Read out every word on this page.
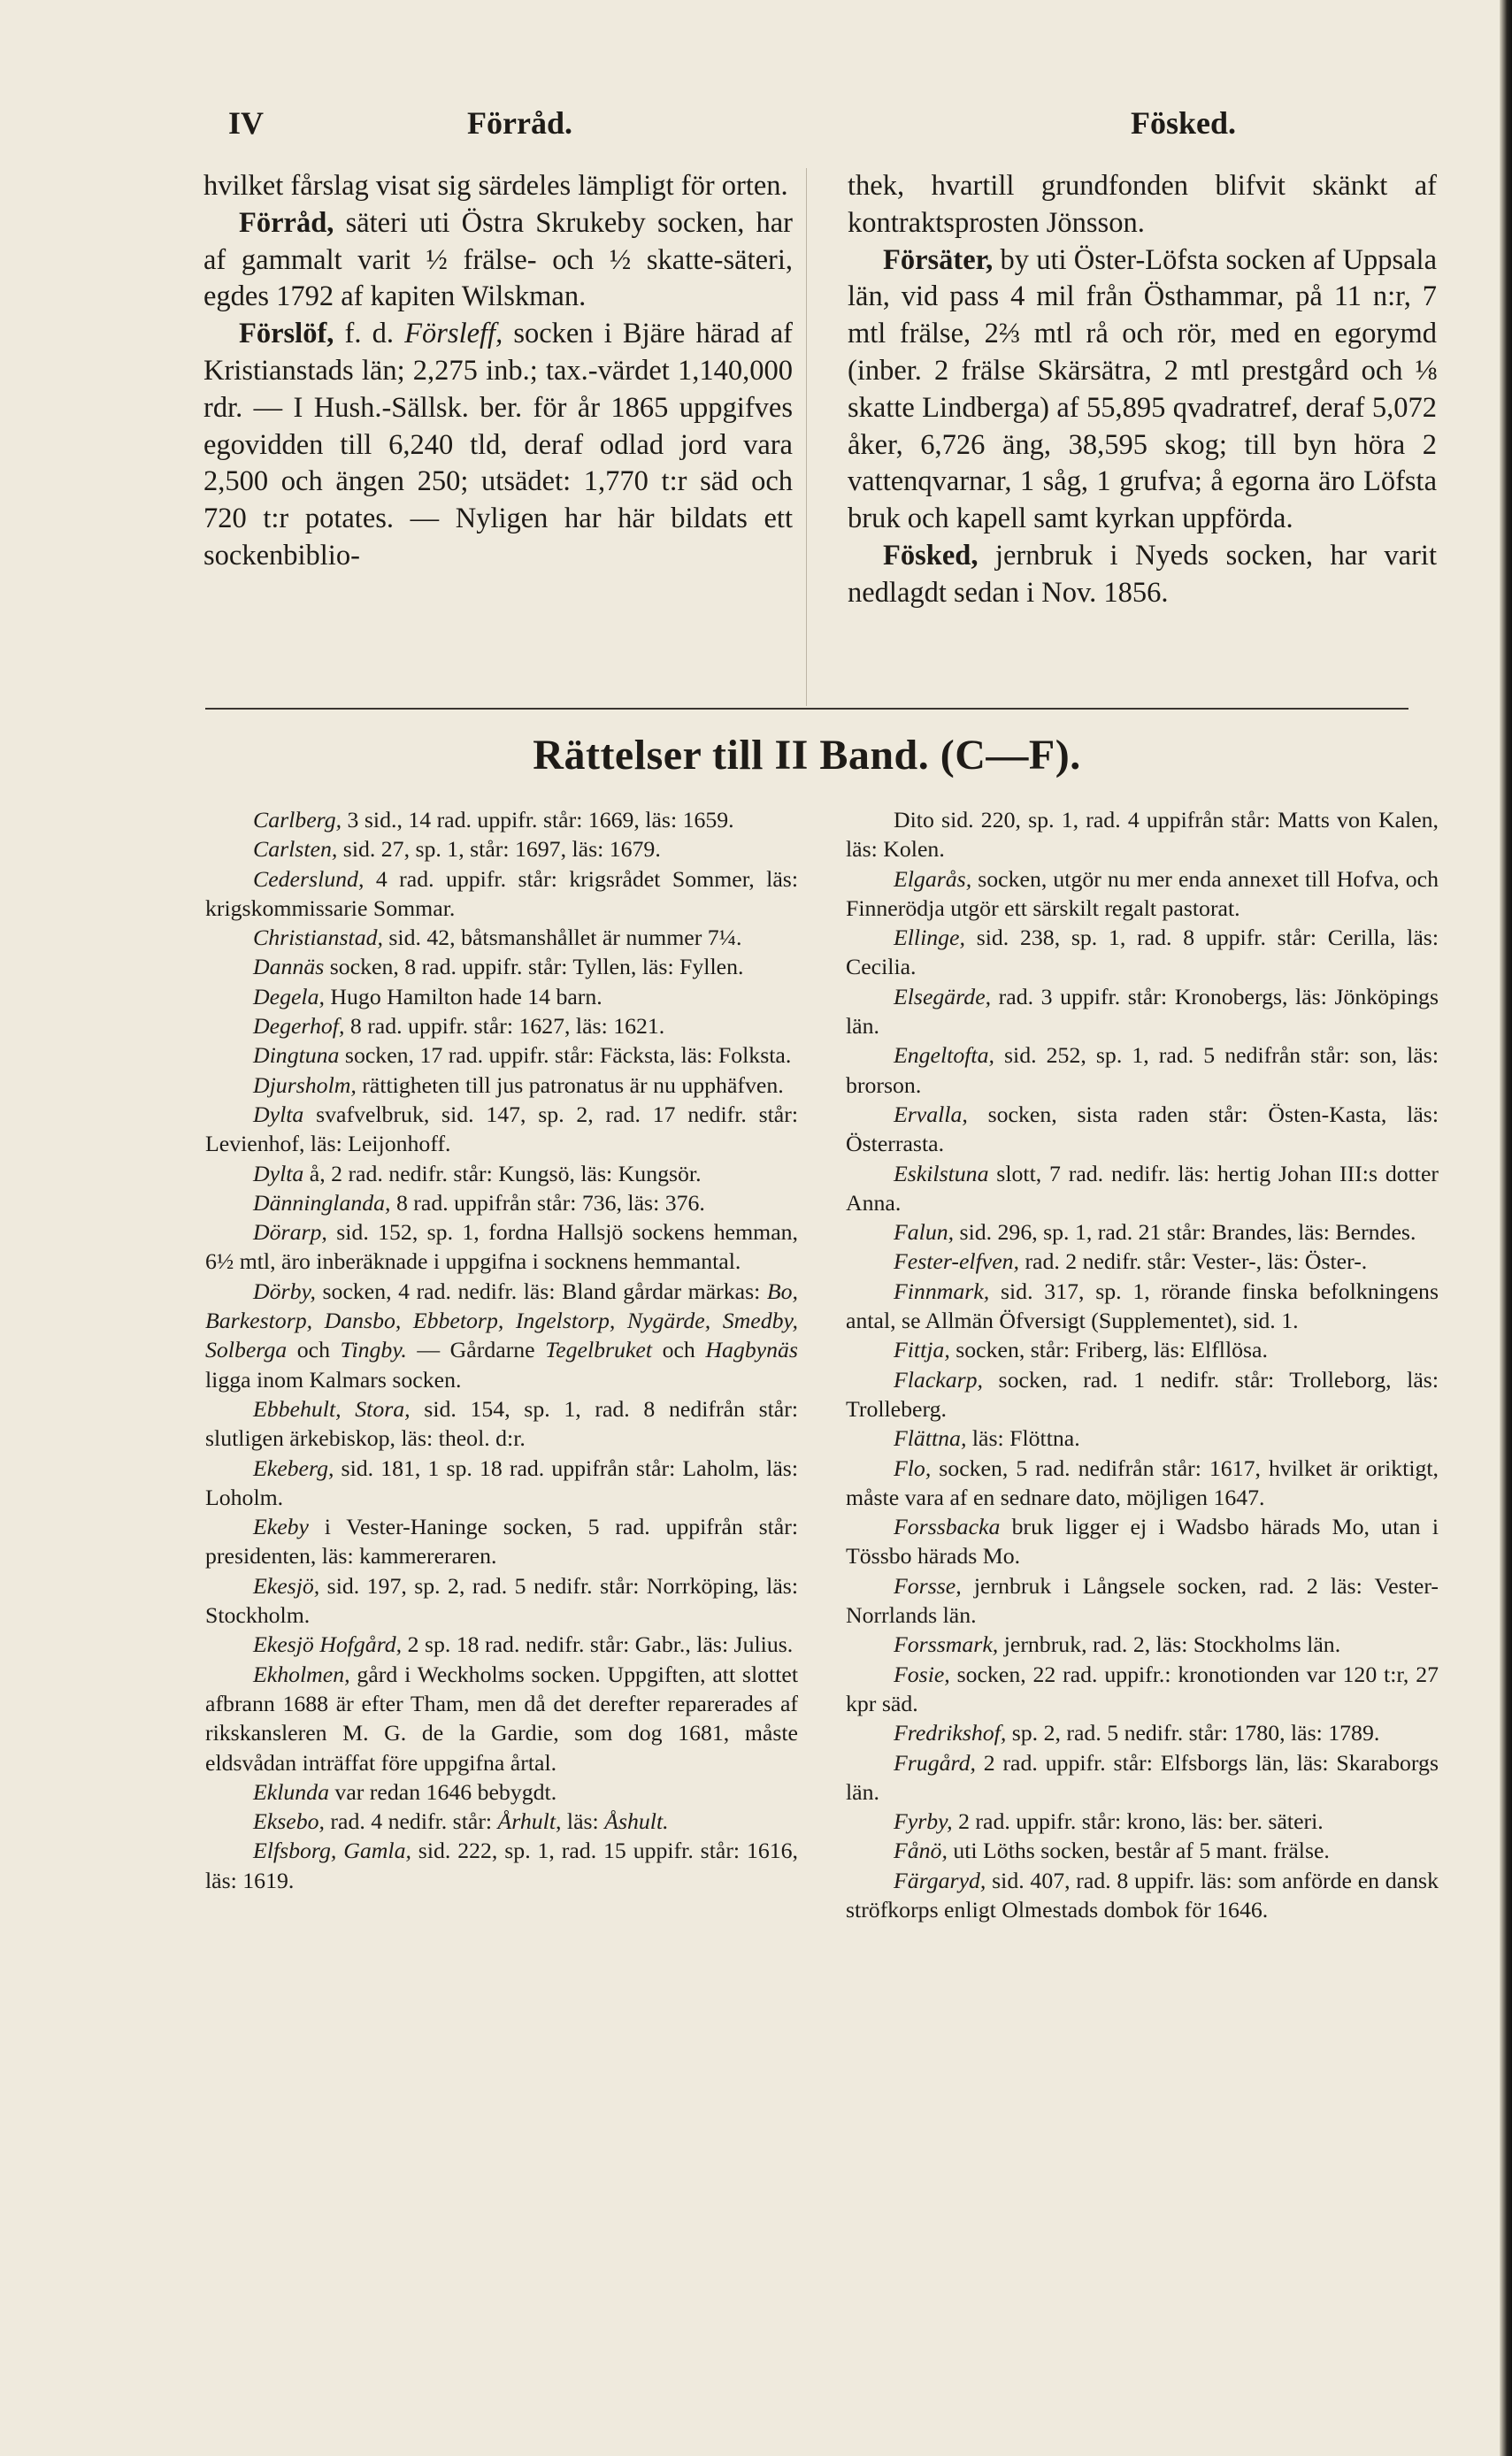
IV	Förråd.	Fösked.

hvilket fårslag visat sig särdeles lämpligt för orten.

Förråd, säteri uti Östra Skrukeby socken, har af gammalt varit ½ frälse- och ½ skatte-säteri, egdes 1792 af kapiten Wilskman.

Förslöf, f. d. Försleff, socken i Bjäre härad af Kristianstads län; 2,275 inb.; tax.-värdet 1,140,000 rdr. — I Hush.-Sällsk. ber. för år 1865 uppgifves egovidden till 6,240 tld, deraf odlad jord vara 2,500 och ängen 250; utsädet: 1,770 t:r säd och 720 t:r potates. — Nyligen har här bildats ett sockenbiblio-

thek, hvartill grundfonden blifvit skänkt af kontraktsprosten Jönsson.

Försäter, by uti Öster-Löfsta socken af Uppsala län, vid pass 4 mil från Östhammar, på 11 n:r, 7 mtl frälse, 2⅔ mtl rå och rör, med en egorymd (inber. 2 frälse Skärsätra, 2 mtl prestgård och ⅛ skatte Lindberga) af 55,895 qvadratref, deraf 5,072 åker, 6,726 äng, 38,595 skog; till byn höra 2 vattenqvarnar, 1 såg, 1 grufva; å egorna äro Löfsta bruk och kapell samt kyrkan uppförda.

Fösked, jernbruk i Nyeds socken, har varit nedlagdt sedan i Nov. 1856.

Rättelser till II Band. (C—F).

Carlberg, 3 sid., 14 rad. uppifr. står: 1669, läs: 1659.

Carlsten, sid. 27, sp. 1, står: 1697, läs: 1679.

Cederslund, 4 rad. uppifr. står: krigsrådet Sommer, läs: krigskommissarie Sommar.

Christianstad, sid. 42, båtsmanshållet är nummer 7¼.

Dannäs socken, 8 rad. uppifr. står: Tyllen, läs: Fyllen.

Degela, Hugo Hamilton hade 14 barn.

Degerhof, 8 rad. uppifr. står: 1627, läs: 1621.

Dingtuna socken, 17 rad. uppifr. står: Fäcksta, läs: Folksta.

Djursholm, rättigheten till jus patronatus är nu upphäfven.

Dylta svafvelbruk, sid. 147, sp. 2, rad. 17 nedifr. står: Levienhof, läs: Leijonhoff.

Dylta å, 2 rad. nedifr. står: Kungsö, läs: Kungsör.

Dänninglanda, 8 rad. uppifrån står: 736, läs: 376.

Dörarp, sid. 152, sp. 1, fordna Hallsjö sockens hemman, 6½ mtl, äro inberäknade i uppgifna i socknens hemmantal.

Dörby, socken, 4 rad. nedifr. läs: Bland gårdar märkas: Bo, Barkestorp, Dansbo, Ebbetorp, Ingelstorp, Nygärde, Smedby, Solberga och Tingby. — Gårdarne Tegelbruket och Hagbynäs ligga inom Kalmars socken.

Ebbehult, Stora, sid. 154, sp. 1, rad. 8 nedifrån står: slutligen ärkebiskop, läs: theol. d:r.

Ekeberg, sid. 181, 1 sp. 18 rad. uppifrån står: Laholm, läs: Loholm.

Ekeby i Vester-Haninge socken, 5 rad. uppifrån står: presidenten, läs: kammereraren.

Ekesjö, sid. 197, sp. 2, rad. 5 nedifr. står: Norrköping, läs: Stockholm.

Ekesjö Hofgård, 2 sp. 18 rad. nedifr. står: Gabr., läs: Julius.

Ekholmen, gård i Weckholms socken. Uppgiften, att slottet afbrann 1688 är efter Tham, men då det derefter reparerades af rikskansleren M. G. de la Gardie, som dog 1681, måste eldsvådan inträffat före uppgifna årtal.

Eklunda var redan 1646 bebygdt.

Eksebo, rad. 4 nedifr. står: Århult, läs: Åshult.

Elfsborg, Gamla, sid. 222, sp. 1, rad. 15 uppifr. står: 1616, läs: 1619.

Dito sid. 220, sp. 1, rad. 4 uppifrån står: Matts von Kalen, läs: Kolen.

Elgarås, socken, utgör nu mer enda annexet till Hofva, och Finnerödja utgör ett särskilt regalt pastorat.

Ellinge, sid. 238, sp. 1, rad. 8 uppifr. står: Cerilla, läs: Cecilia.

Elsegärde, rad. 3 uppifr. står: Kronobergs, läs: Jönköpings län.

Engeltofta, sid. 252, sp. 1, rad. 5 nedifrån står: son, läs: brorson.

Ervalla, socken, sista raden står: Östen-Kasta, läs: Österrasta.

Eskilstuna slott, 7 rad. nedifr. läs: hertig Johan III:s dotter Anna.

Falun, sid. 296, sp. 1, rad. 21 står: Brandes, läs: Berndes.

Fester-elfven, rad. 2 nedifr. står: Vester-, läs: Öster-.

Finnmark, sid. 317, sp. 1, rörande finska befolkningens antal, se Allmän Öfversigt (Supplementet), sid. 1.

Fittja, socken, står: Friberg, läs: Elfllösa.

Flackarp, socken, rad. 1 nedifr. står: Trolleborg, läs: Trolleberg.

Flättna, läs: Flöttna.

Flo, socken, 5 rad. nedifrån står: 1617, hvilket är oriktigt, måste vara af en sednare dato, möjligen 1647.

Forssbacka bruk ligger ej i Wadsbo härads Mo, utan i Tössbo härads Mo.

Forsse, jernbruk i Långsele socken, rad. 2 läs: Vester-Norrlands län.

Forssmark, jernbruk, rad. 2, läs: Stockholms län.

Fosie, socken, 22 rad. uppifr.: kronotionden var 120 t:r, 27 kpr säd.

Fredrikshof, sp. 2, rad. 5 nedifr. står: 1780, läs: 1789.

Frugård, 2 rad. uppifr. står: Elfsborgs län, läs: Skaraborgs län.

Fyrby, 2 rad. uppifr. står: krono, läs: ber. säteri.

Fånö, uti Löths socken, består af 5 mant. frälse.

Färgaryd, sid. 407, rad. 8 uppifr. läs: som anförde en dansk ströfkorps enligt Olmestads dombok för 1646.
